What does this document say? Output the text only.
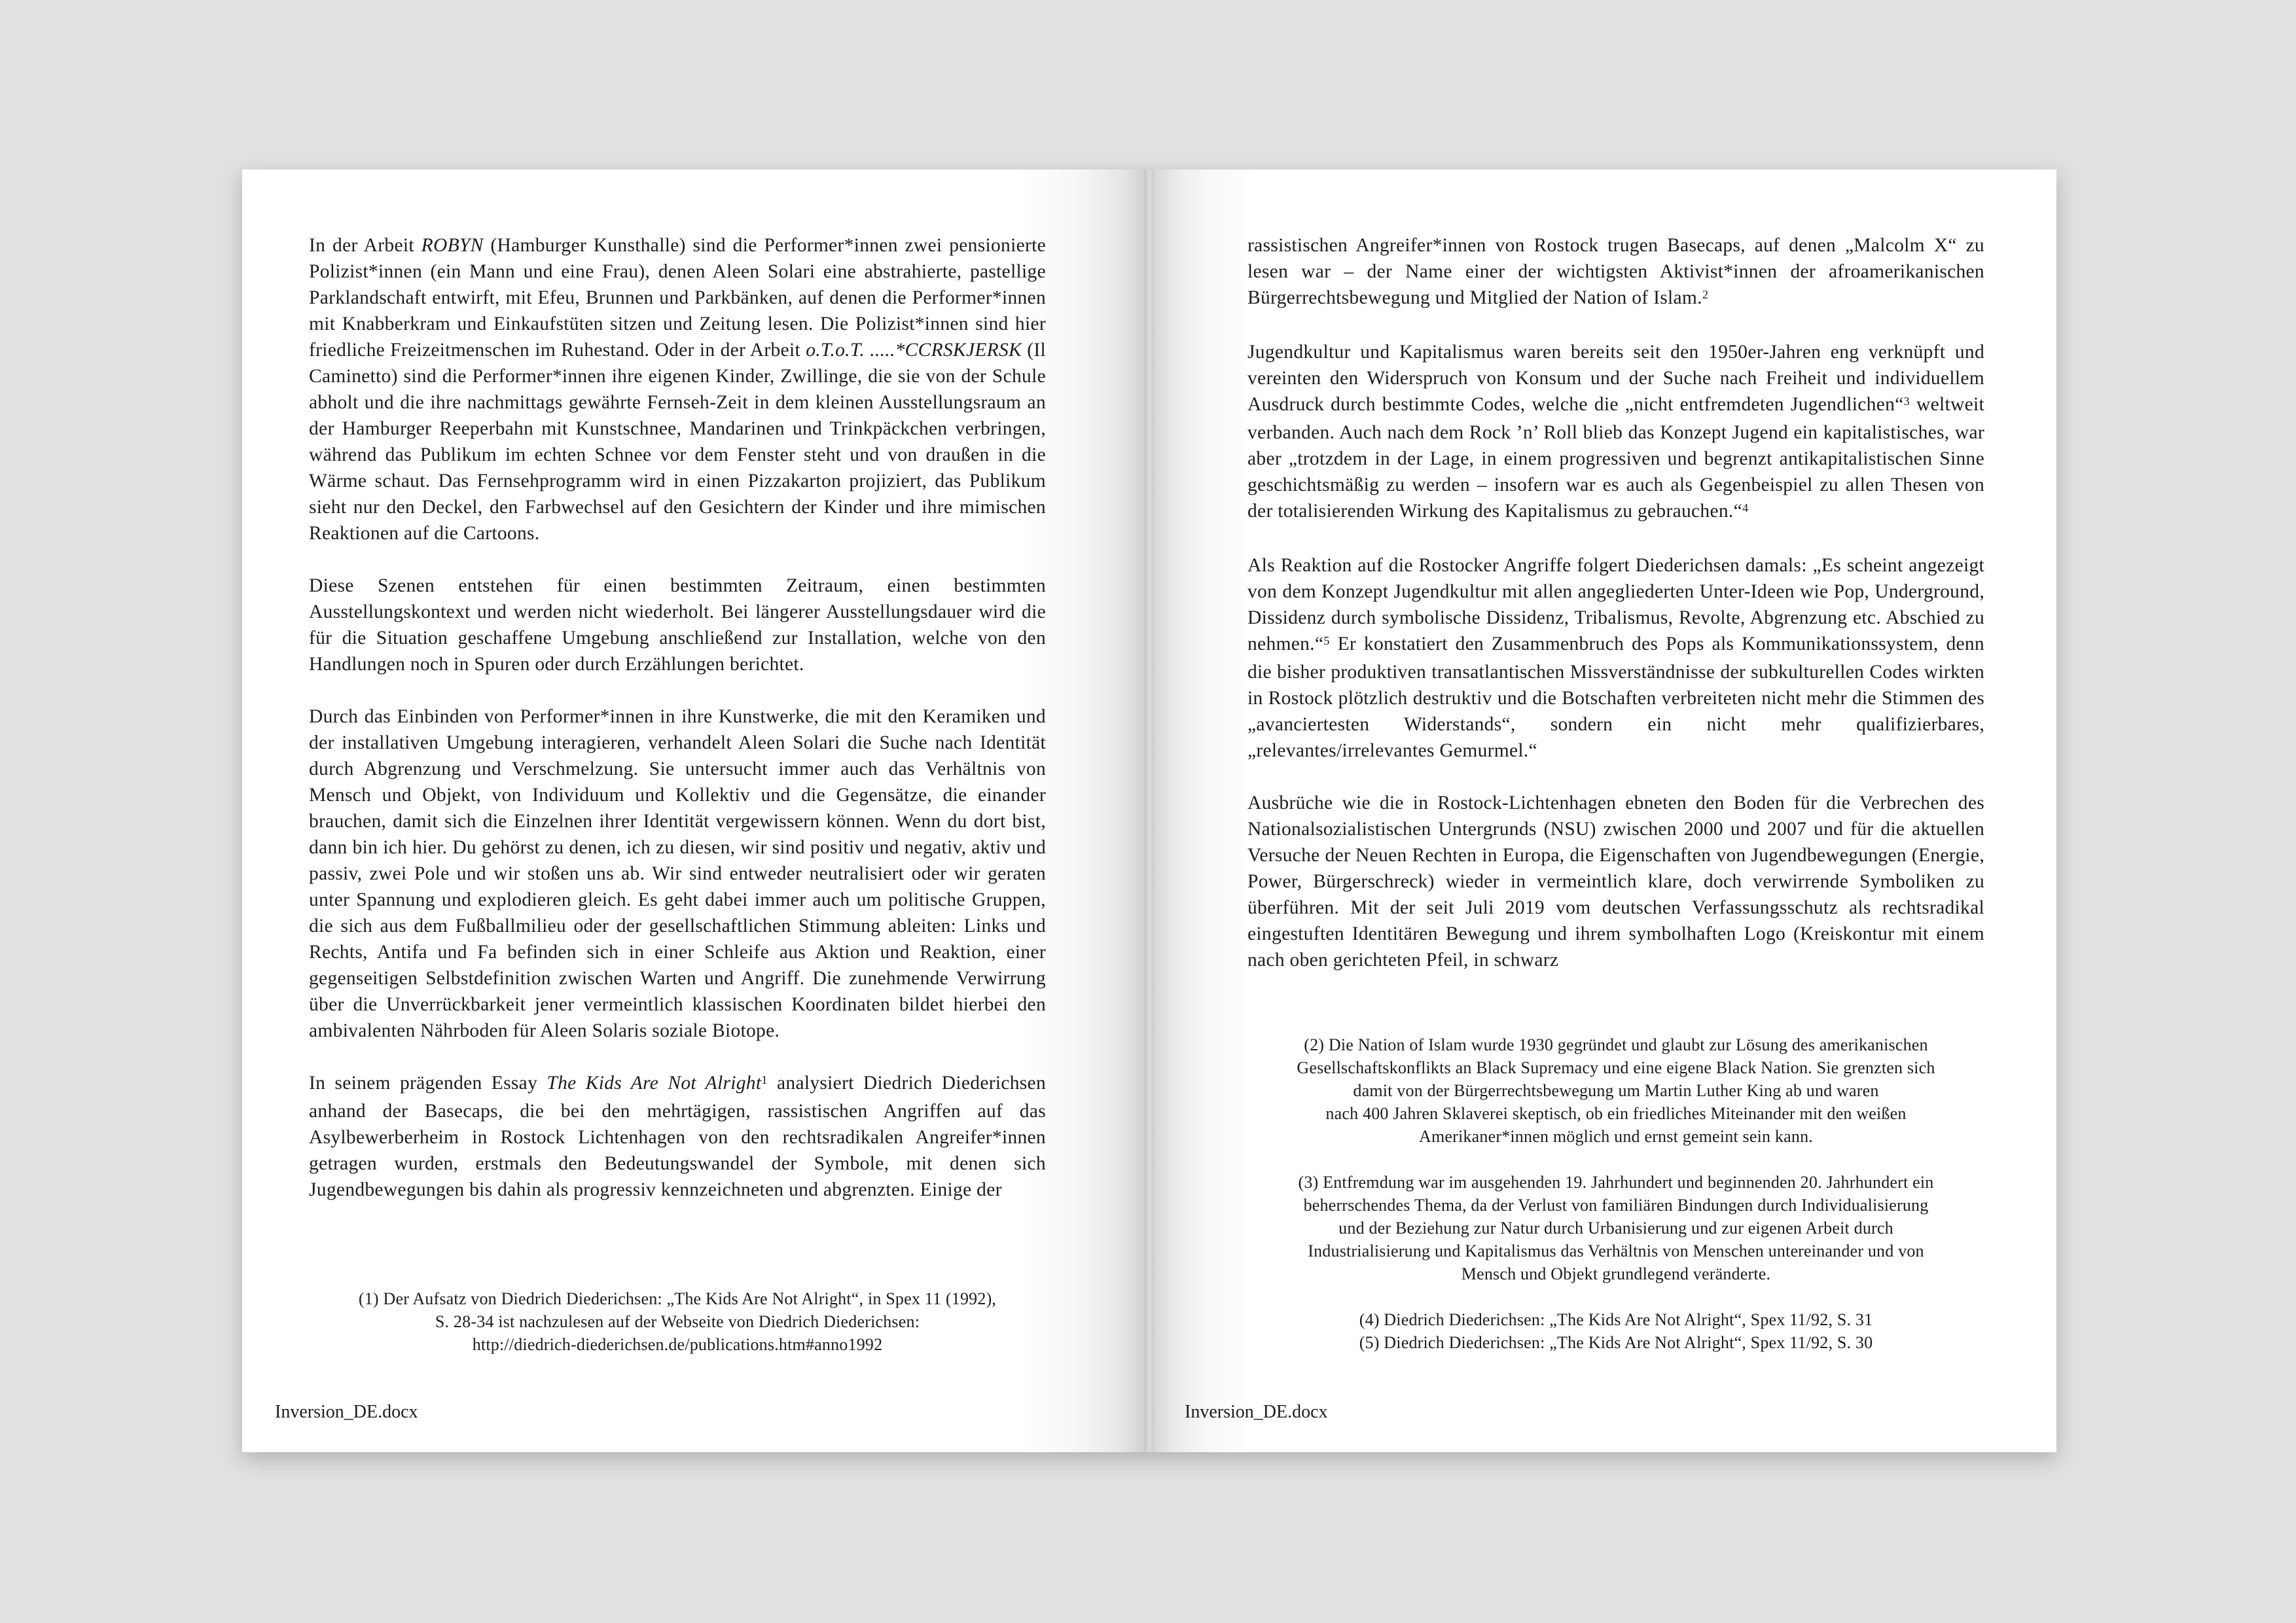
In der Arbeit ROBYN (Hamburger Kunsthalle) sind die Performer*innen zwei pensionierte Polizist*innen (ein Mann und eine Frau), denen Aleen Solari eine abstrahierte, pastellige Parklandschaft entwirft, mit Efeu, Brunnen und Parkbänken, auf denen die Performer*innen mit Knabberkram und Einkaufstüten sitzen und Zeitung lesen. Die Polizist*innen sind hier friedliche Freizeitmenschen im Ruhestand. Oder in der Arbeit o.T.o.T. .....*CCRSKJERSK (Il Caminetto) sind die Performer*innen ihre eigenen Kinder, Zwillinge, die sie von der Schule abholt und die ihre nachmittags gewährte Fernseh-Zeit in dem kleinen Ausstellungsraum an der Hamburger Reeperbahn mit Kunstschnee, Mandarinen und Trinkpäckchen verbringen, während das Publikum im echten Schnee vor dem Fenster steht und von draußen in die Wärme schaut. Das Fernsehprogramm wird in einen Pizzakarton projiziert, das Publikum sieht nur den Deckel, den Farbwechsel auf den Gesichtern der Kinder und ihre mimischen Reaktionen auf die Cartoons.

Diese Szenen entstehen für einen bestimmten Zeitraum, einen bestimmten Ausstellungskontext und werden nicht wiederholt. Bei längerer Ausstellungsdauer wird die für die Situation geschaffene Umgebung anschließend zur Installation, welche von den Handlungen noch in Spuren oder durch Erzählungen berichtet.

Durch das Einbinden von Performer*innen in ihre Kunstwerke, die mit den Keramiken und der installativen Umgebung interagieren, verhandelt Aleen Solari die Suche nach Identität durch Abgrenzung und Verschmelzung. Sie untersucht immer auch das Verhältnis von Mensch und Objekt, von Individuum und Kollektiv und die Gegensätze, die einander brauchen, damit sich die Einzelnen ihrer Identität vergewissern können. Wenn du dort bist, dann bin ich hier. Du gehörst zu denen, ich zu diesen, wir sind positiv und negativ, aktiv und passiv, zwei Pole und wir stoßen uns ab. Wir sind entweder neutralisiert oder wir geraten unter Spannung und explodieren gleich. Es geht dabei immer auch um politische Gruppen, die sich aus dem Fußballmilieu oder der gesellschaftlichen Stimmung ableiten: Links und Rechts, Antifa und Fa befinden sich in einer Schleife aus Aktion und Reaktion, einer gegenseitigen Selbstdefinition zwischen Warten und Angriff. Die zunehmende Verwirrung über die Unverrückbarkeit jener vermeintlich klassischen Koordinaten bildet hierbei den ambivalenten Nährboden für Aleen Solaris soziale Biotope.

In seinem prägenden Essay The Kids Are Not Alright$^1$ analysiert Diedrich Diederichsen anhand der Basecaps, die bei den mehrtägigen, rassistischen Angriffen auf das Asylbewerberheim in Rostock Lichtenhagen von den rechtsradikalen Angreifer*innen getragen wurden, erstmals den Bedeutungswandel der Symbole, mit denen sich Jugendbewegungen bis dahin als progressiv kennzeichneten und abgrenzten. Einige der

(1) Der Aufsatz von Diedrich Diederichsen: „The Kids Are Not Alright“, in Spex 11 (1992),
S. 28-34 ist nachzulesen auf der Webseite von Diedrich Diederichsen:
http://diedrich-diederichsen.de/publications.htm#anno1992

Inversion_DE.docx

rassistischen Angreifer*innen von Rostock trugen Basecaps, auf denen „Malcolm X“ zu lesen war – der Name einer der wichtigsten Aktivist*innen der afroamerikanischen Bürgerrechtsbewegung und Mitglied der Nation of Islam.$^2$

Jugendkultur und Kapitalismus waren bereits seit den 1950er-Jahren eng verknüpft und vereinten den Widerspruch von Konsum und der Suche nach Freiheit und individuellem Ausdruck durch bestimmte Codes, welche die „nicht entfremdeten Jugendlichen“$^3$ weltweit verbanden. Auch nach dem Rock ’n’ Roll blieb das Konzept Jugend ein kapitalistisches, war aber „trotzdem in der Lage, in einem progressiven und begrenzt antikapitalistischen Sinne geschichtsmäßig zu werden – insofern war es auch als Gegenbeispiel zu allen Thesen von der totalisierenden Wirkung des Kapitalismus zu gebrauchen.“$^4$

Als Reaktion auf die Rostocker Angriffe folgert Diederichsen damals: „Es scheint angezeigt von dem Konzept Jugendkultur mit allen angegliederten Unter-Ideen wie Pop, Underground, Dissidenz durch symbolische Dissidenz, Tribalismus, Revolte, Abgrenzung etc. Abschied zu nehmen.“$^5$ Er konstatiert den Zusammenbruch des Pops als Kommunikationssystem, denn die bisher produktiven transatlantischen Missverständnisse der subkulturellen Codes wirkten in Rostock plötzlich destruktiv und die Botschaften verbreiteten nicht mehr die Stimmen des „avanciertesten Widerstands“, sondern ein nicht mehr qualifizierbares, „relevantes/irrelevantes Gemurmel.“

Ausbrüche wie die in Rostock-Lichtenhagen ebneten den Boden für die Verbrechen des Nationalsozialistischen Untergrunds (NSU) zwischen 2000 und 2007 und für die aktuellen Versuche der Neuen Rechten in Europa, die Eigenschaften von Jugendbewegungen (Energie, Power, Bürgerschreck) wieder in vermeintlich klare, doch verwirrende Symboliken zu überführen. Mit der seit Juli 2019 vom deutschen Verfassungsschutz als rechtsradikal eingestuften Identitären Bewegung und ihrem symbolhaften Logo (Kreiskontur mit einem nach oben gerichteten Pfeil, in schwarz

(2) Die Nation of Islam wurde 1930 gegründet und glaubt zur Lösung des amerikanischen
Gesellschaftskonflikts an Black Supremacy und eine eigene Black Nation. Sie grenzten sich
damit von der Bürgerrechtsbewegung um Martin Luther King ab und waren
nach 400 Jahren Sklaverei skeptisch, ob ein friedliches Miteinander mit den weißen
Amerikaner*innen möglich und ernst gemeint sein kann.

(3) Entfremdung war im ausgehenden 19. Jahrhundert und beginnenden 20. Jahrhundert ein
beherrschendes Thema, da der Verlust von familiären Bindungen durch Individualisierung
und der Beziehung zur Natur durch Urbanisierung und zur eigenen Arbeit durch
Industrialisierung und Kapitalismus das Verhältnis von Menschen untereinander und von
Mensch und Objekt grundlegend veränderte.

(4) Diedrich Diederichsen: „The Kids Are Not Alright“, Spex 11/92, S. 31
(5) Diedrich Diederichsen: „The Kids Are Not Alright“, Spex 11/92, S. 30

Inversion_DE.docx
